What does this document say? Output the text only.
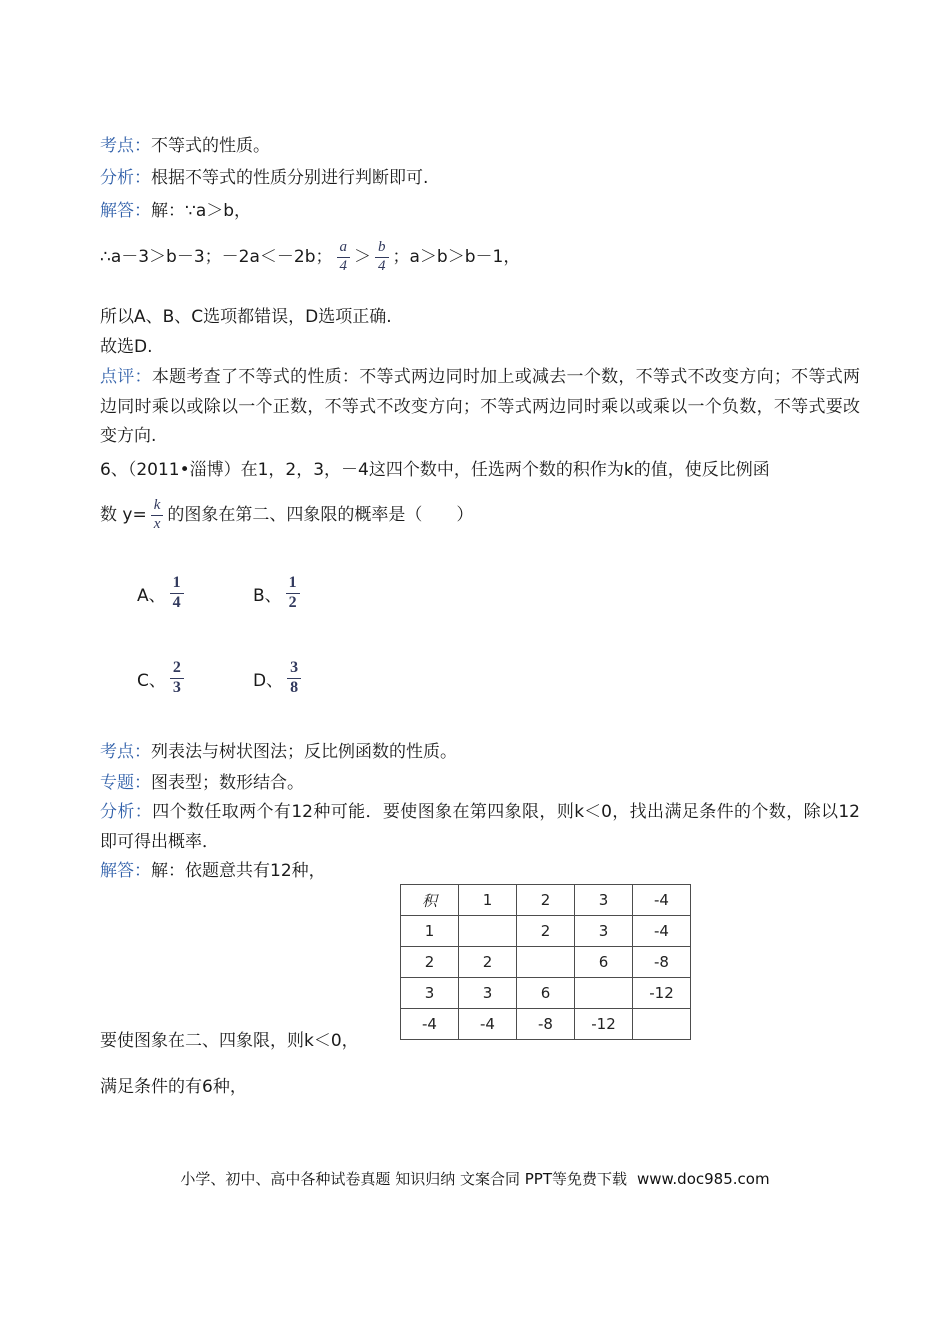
考点：不等式的性质。

分析：根据不等式的性质分别进行判断即可.

解答：解：∵a＞b，

∴a－3＞b－3；－2a＜－2b； $\frac{a}{4} > \frac{b}{4}$ ；a＞b＞b－1，

所以A、B、C选项都错误，D选项正确.

故选D.

点评：本题考查了不等式的性质：不等式两边同时加上或减去一个数，不等式不改变方向；不等式两边同时乘以或除以一个正数，不等式不改变方向；不等式两边同时乘以或乘以一个负数，不等式要改变方向.

6、（2011•淄博）在1，2，3，－4这四个数中，任选两个数的积作为k的值，使反比例函

数 $y= \frac{k}{x}$ 的图象在第二、四象限的概率是（　　）

A、 $\frac{1}{4}$	B、 $\frac{1}{2}$
C、 $\frac{2}{3}$	D、 $\frac{3}{8}$

考点：列表法与树状图法；反比例函数的性质。

专题：图表型；数形结合。

分析：四个数任取两个有12种可能．要使图象在第四象限，则k＜0，找出满足条件的个数，除以12即可得出概率．

解答：解：依题意共有12种，

积	1	2	3	-4
1		2	3	-4
2	2		6	-8
3	3	6		-12
-4	-4	-8	-12	

要使图象在二、四象限，则k＜0，

满足条件的有6种，

小学、初中、高中各种试卷真题 知识归纳 文案合同 PPT等免费下载 www.doc985.com
